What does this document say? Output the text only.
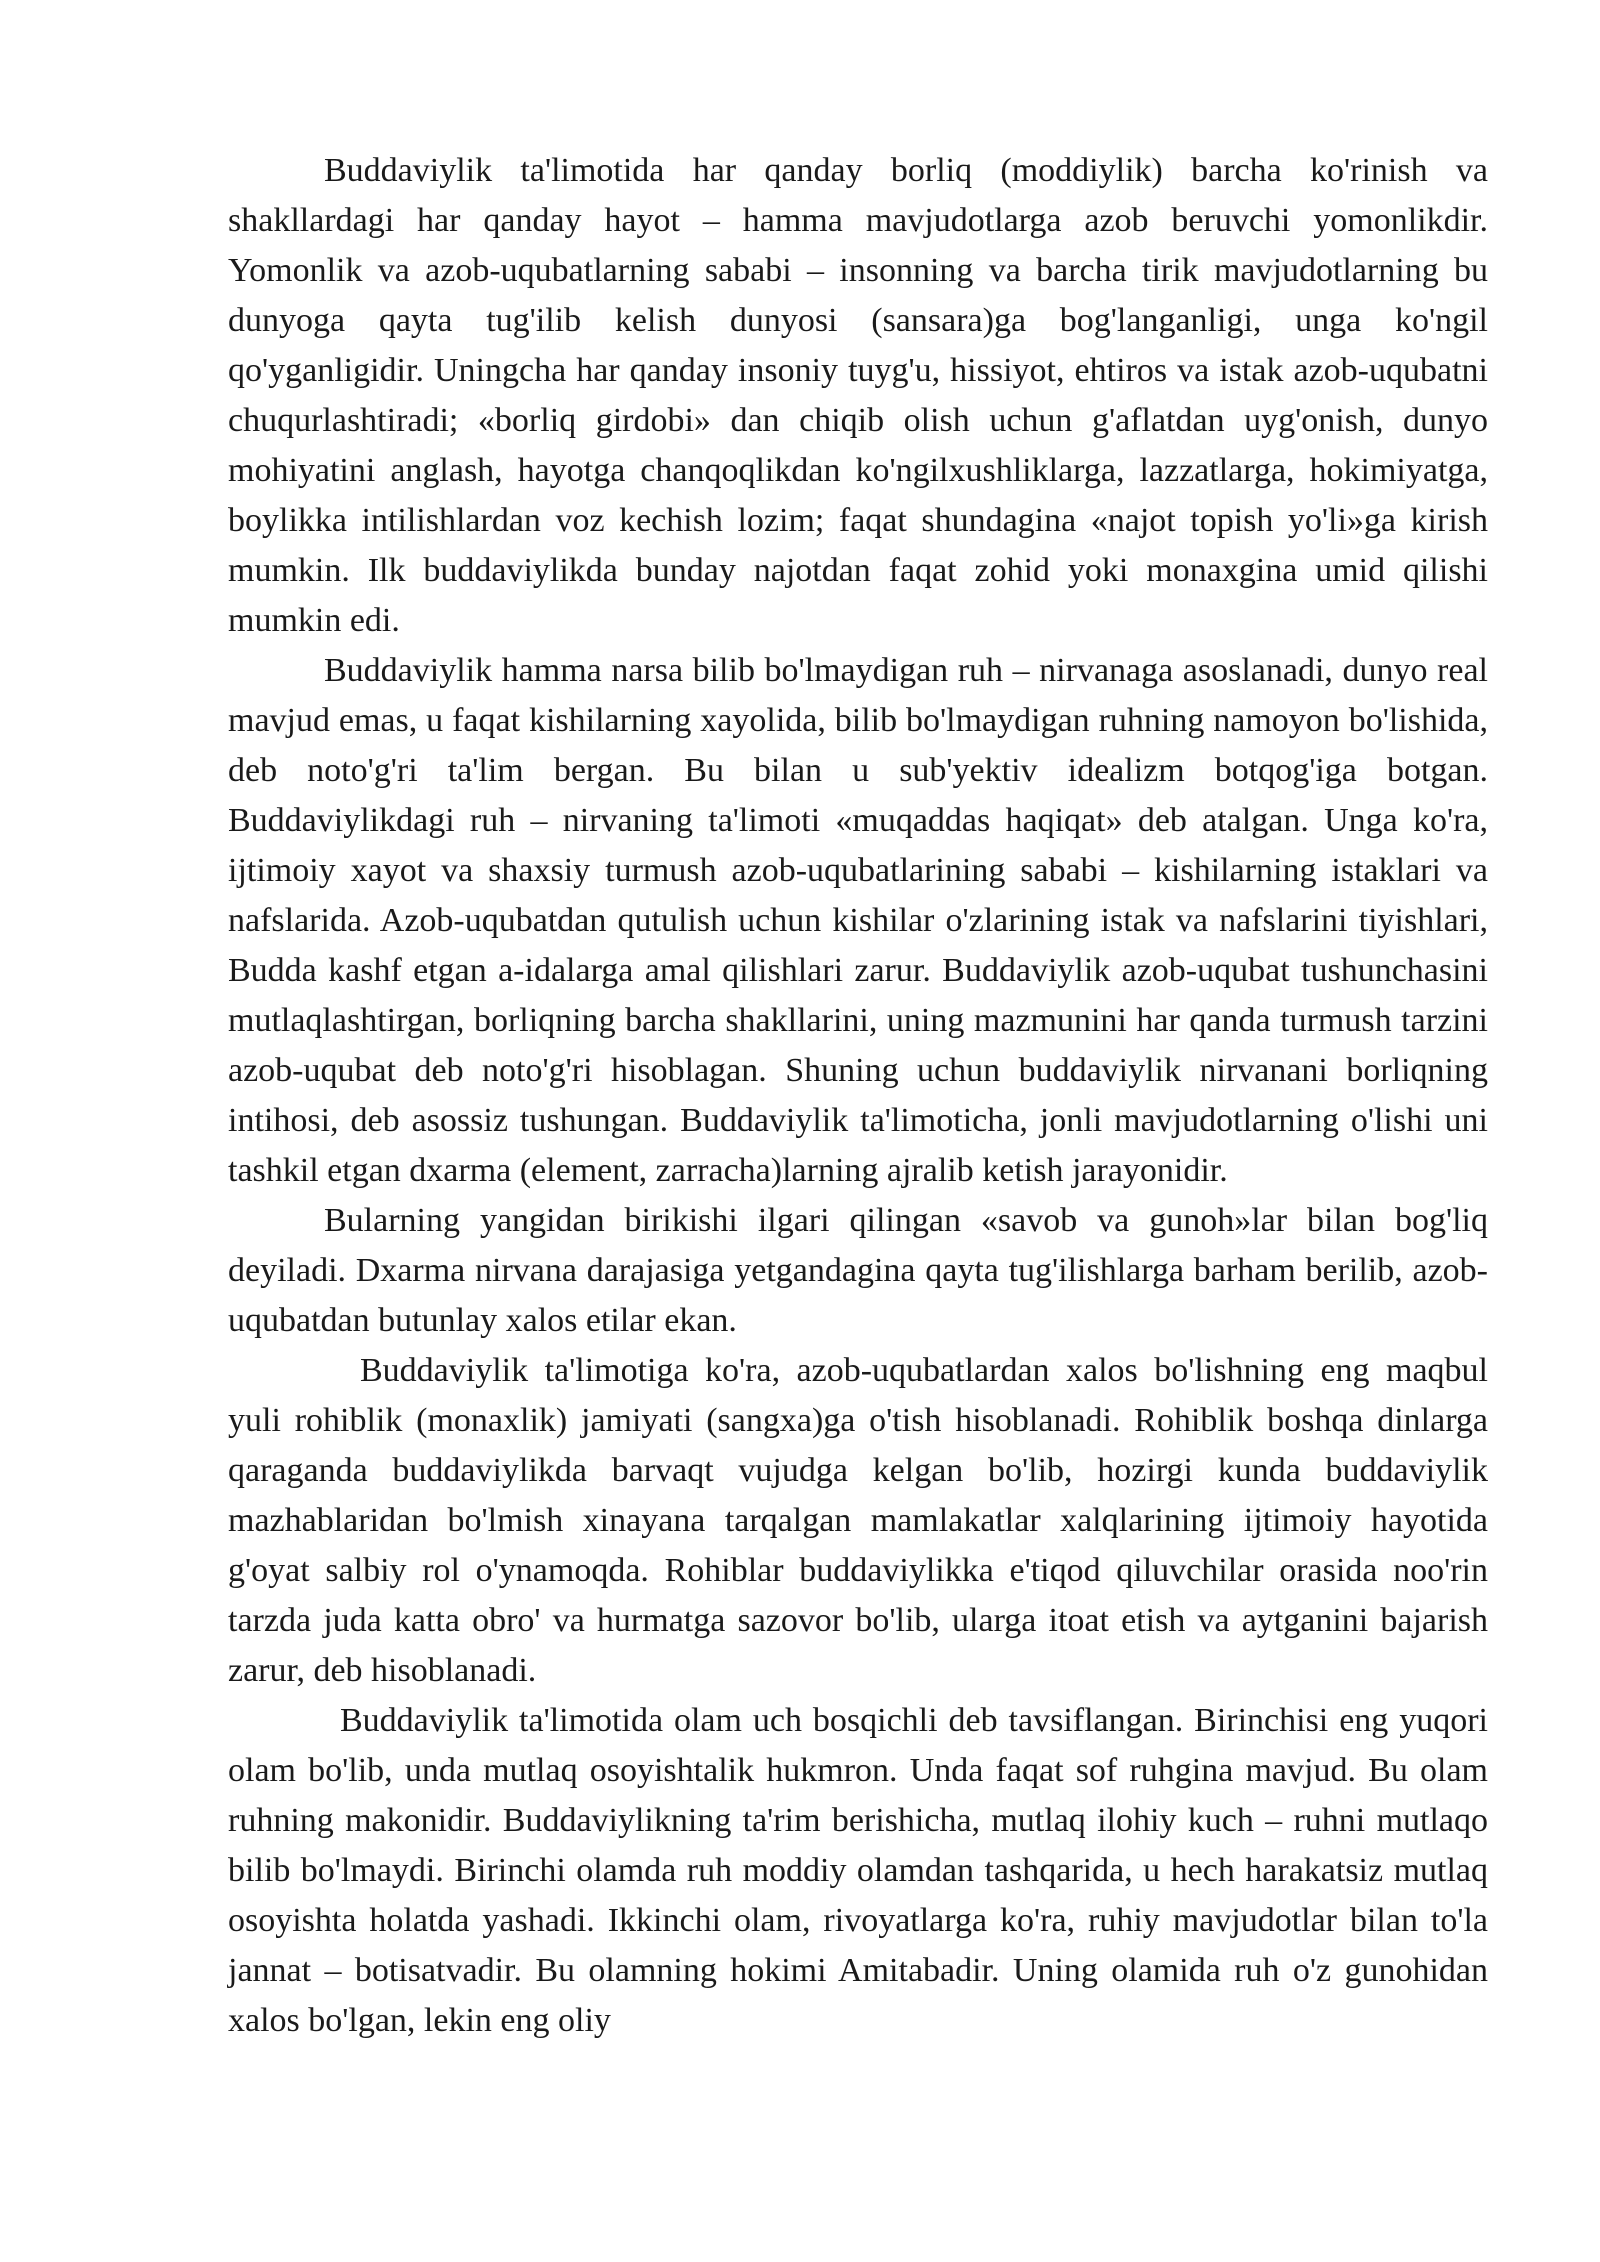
Buddaviylik ta'limotida har qanday borliq (moddiylik) barcha ko'rinish va shakllardagi har qanday hayot – hamma mavjudotlarga azob beruvchi yomonlikdir. Yomonlik va azob-uqubatlarning sababi – insonning va barcha tirik mavjudotlarning bu dunyoga qayta tug'ilib kelish dunyosi (sansara)ga bog'langanligi, unga ko'ngil qo'yganligidir. Uningcha har qanday insoniy tuyg'u, hissiyot, ehtiros va istak azob-uqubatni chuqurlashtiradi; «borliq girdobi» dan chiqib olish uchun g'aflatdan uyg'onish, dunyo mohiyatini anglash, hayotga chanqoqlikdan ko'ngilxushliklarga, lazzatlarga, hokimiyatga, boylikka intilishlardan voz kechish lozim; faqat shundagina «najot topish yo'li»ga kirish mumkin. Ilk buddaviylikda bunday najotdan faqat zohid yoki monaxgina umid qilishi mumkin edi.

Buddaviylik hamma narsa bilib bo'lmaydigan ruh – nirvanaga asoslanadi, dunyo real mavjud emas, u faqat kishilarning xayolida, bilib bo'lmaydigan ruhning namoyon bo'lishida, deb noto'g'ri ta'lim bergan. Bu bilan u sub'yektiv idealizm botqog'iga botgan. Buddaviylikdagi ruh – nirvaning ta'limoti «muqaddas haqiqat» deb atalgan. Unga ko'ra, ijtimoiy xayot va shaxsiy turmush azob-uqubatlarining sababi – kishilarning istaklari va nafslarida. Azob-uqubatdan qutulish uchun kishilar o'zlarining istak va nafslarini tiyishlari, Budda kashf etgan a-idalarga amal qilishlari zarur. Buddaviylik azob-uqubat tushunchasini mutlaqlashtirgan, borliqning barcha shakllarini, uning mazmunini har qanda turmush tarzini azob-uqubat deb noto'g'ri hisoblagan. Shuning uchun buddaviylik nirvanani borliqning intihosi, deb asossiz tushungan. Buddaviylik ta'limoticha, jonli mavjudotlarning o'lishi uni tashkil etgan dxarma (element, zarracha)larning ajralib ketish jarayonidir.

Bularning yangidan birikishi ilgari qilingan «savob va gunoh»lar bilan bog'liq deyiladi. Dxarma nirvana darajasiga yetgandagina qayta tug'ilishlarga barham berilib, azob-uqubatdan butunlay xalos etilar ekan.

Buddaviylik ta'limotiga ko'ra, azob-uqubatlardan xalos bo'lishning eng maqbul yuli rohiblik (monaxlik) jamiyati (sangxa)ga o'tish hisoblanadi. Rohiblik boshqa dinlarga qaraganda buddaviylikda barvaqt vujudga kelgan bo'lib, hozirgi kunda buddaviylik mazhablaridan bo'lmish xinayana tarqalgan mamlakatlar xalqlarining ijtimoiy hayotida g'oyat salbiy rol o'ynamoqda. Rohiblar buddaviylikka e'tiqod qiluvchilar orasida noo'rin tarzda juda katta obro' va hurmatga sazovor bo'lib, ularga itoat etish va aytganini bajarish zarur, deb hisoblanadi.

Buddaviylik ta'limotida olam uch bosqichli deb tavsiflangan. Birinchisi eng yuqori olam bo'lib, unda mutlaq osoyishtalik hukmron. Unda faqat sof ruhgina mavjud. Bu olam ruhning makonidir. Buddaviylikning ta'rim berishicha, mutlaq ilohiy kuch – ruhni mutlaqo bilib bo'lmaydi. Birinchi olamda ruh moddiy olamdan tashqarida, u hech harakatsiz mutlaq osoyishta holatda yashadi. Ikkinchi olam, rivoyatlarga ko'ra, ruhiy mavjudotlar bilan to'la jannat – botisatvadir. Bu olamning hokimi Amitabadir. Uning olamida ruh o'z gunohidan xalos bo'lgan, lekin eng oliy
